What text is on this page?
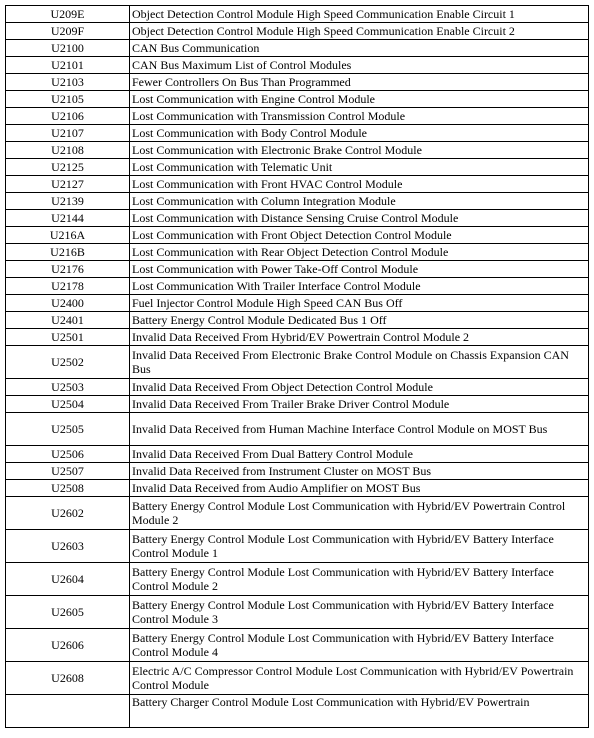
U209E	Object Detection Control Module High Speed Communication Enable Circuit 1
U209F	Object Detection Control Module High Speed Communication Enable Circuit 2
U2100	CAN Bus Communication
U2101	CAN Bus Maximum List of Control Modules
U2103	Fewer Controllers On Bus Than Programmed
U2105	Lost Communication with Engine Control Module
U2106	Lost Communication with Transmission Control Module
U2107	Lost Communication with Body Control Module
U2108	Lost Communication with Electronic Brake Control Module
U2125	Lost Communication with Telematic Unit
U2127	Lost Communication with Front HVAC Control Module
U2139	Lost Communication with Column Integration Module
U2144	Lost Communication with Distance Sensing Cruise Control Module
U216A	Lost Communication with Front Object Detection Control Module
U216B	Lost Communication with Rear Object Detection Control Module
U2176	Lost Communication with Power Take-Off Control Module
U2178	Lost Communication With Trailer Interface Control Module
U2400	Fuel Injector Control Module High Speed CAN Bus Off
U2401	Battery Energy Control Module Dedicated Bus 1 Off
U2501	Invalid Data Received From Hybrid/EV Powertrain Control Module 2
U2502	Invalid Data Received From Electronic Brake Control Module on Chassis Expansion CAN Bus
U2503	Invalid Data Received From Object Detection Control Module
U2504	Invalid Data Received From Trailer Brake Driver Control Module
U2505	Invalid Data Received from Human Machine Interface Control Module on MOST Bus
U2506	Invalid Data Received From Dual Battery Control Module
U2507	Invalid Data Received from Instrument Cluster on MOST Bus
U2508	Invalid Data Received from Audio Amplifier on MOST Bus
U2602	Battery Energy Control Module Lost Communication with Hybrid/EV Powertrain Control Module 2
U2603	Battery Energy Control Module Lost Communication with Hybrid/EV Battery Interface Control Module 1
U2604	Battery Energy Control Module Lost Communication with Hybrid/EV Battery Interface Control Module 2
U2605	Battery Energy Control Module Lost Communication with Hybrid/EV Battery Interface Control Module 3
U2606	Battery Energy Control Module Lost Communication with Hybrid/EV Battery Interface Control Module 4
U2608	Electric A/C Compressor Control Module Lost Communication with Hybrid/EV Powertrain Control Module
	Battery Charger Control Module Lost Communication with Hybrid/EV Powertrain
